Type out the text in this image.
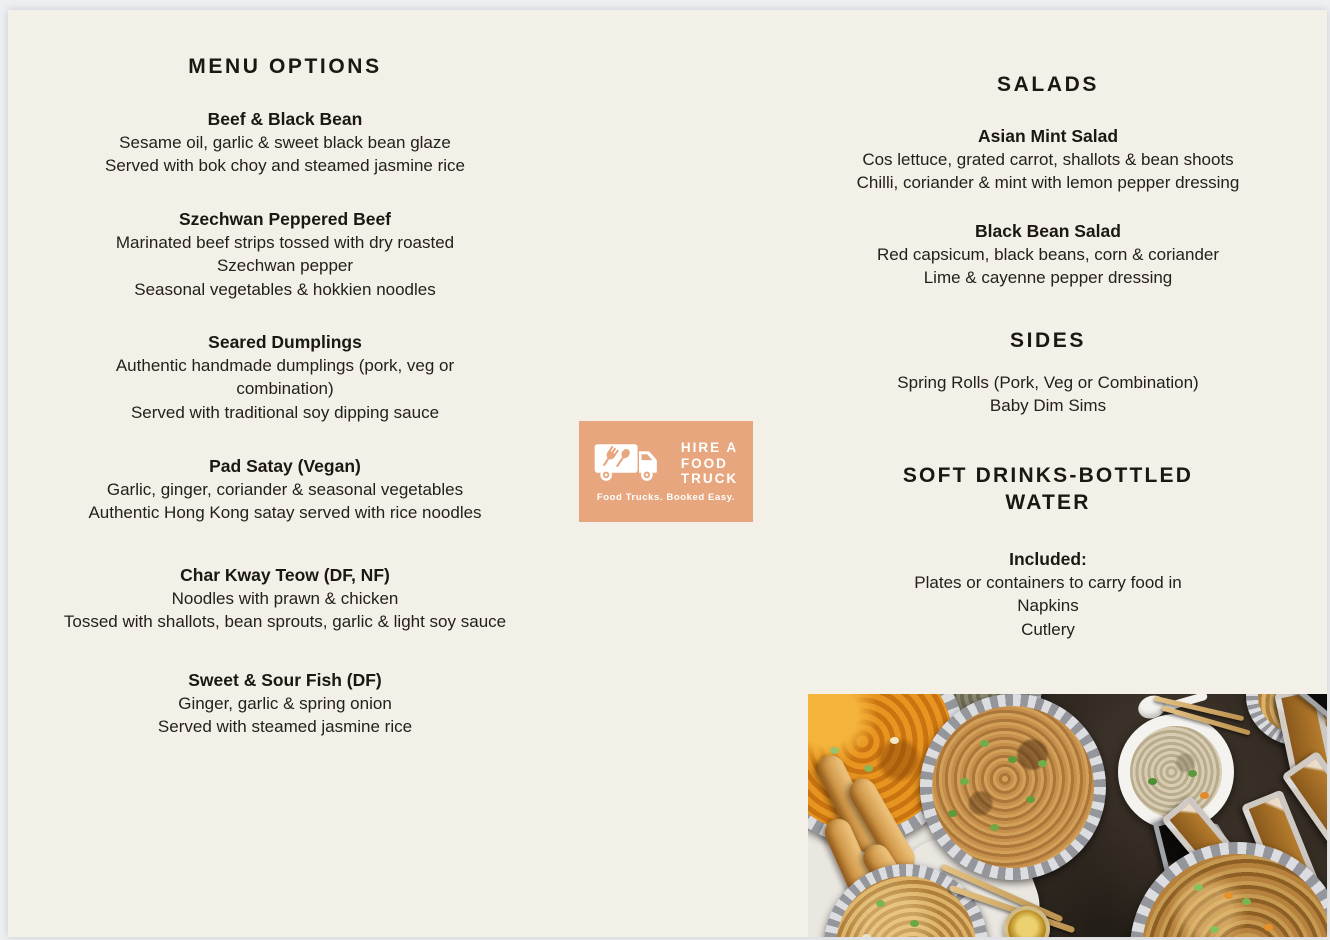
MENU OPTIONS
Beef & Black Bean
Sesame oil, garlic & sweet black bean glaze
Served with bok choy and steamed jasmine rice
Szechwan Peppered Beef
Marinated beef strips tossed with dry roasted
Szechwan pepper
Seasonal vegetables & hokkien noodles
Seared Dumplings
Authentic handmade dumplings (pork, veg or
combination)
Served with traditional soy dipping sauce
Pad Satay (Vegan)
Garlic, ginger, coriander & seasonal vegetables
Authentic Hong Kong satay served with rice noodles
Char Kway Teow (DF, NF)
Noodles with prawn & chicken
Tossed with shallots, bean sprouts, garlic & light soy sauce
Sweet & Sour Fish (DF)
Ginger, garlic & spring onion
Served with steamed jasmine rice
SALADS
Asian Mint Salad
Cos lettuce, grated carrot, shallots & bean shoots
Chilli, coriander & mint with lemon pepper dressing
Black Bean Salad
Red capsicum, black beans, corn & coriander
Lime & cayenne pepper dressing
SIDES
Spring Rolls (Pork, Veg or Combination)
Baby Dim Sims
SOFT DRINKS-BOTTLED
WATER
Included:
Plates or containers to carry food in
Napkins
Cutlery
HIRE A
FOOD
TRUCK
Food Trucks. Booked Easy.
